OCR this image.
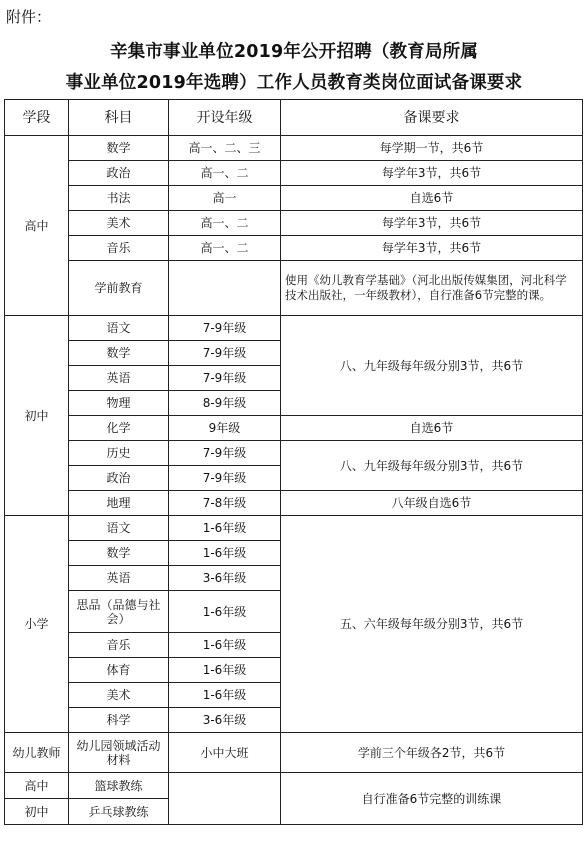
附件：
辛集市事业单位2019年公开招聘（教育局所属
事业单位2019年选聘）工作人员教育类岗位面试备课要求
学段	科目	开设年级	备课要求
高中	数学	高一、二、三	每学期一节，共6节
	政治	高一、二	每学年3节，共6节
	书法	高一	自选6节
	美术	高一、二	每学年3节，共6节
	音乐	高一、二	每学年3节，共6节
	学前教育		使用《幼儿教育学基础》（河北出版传媒集团，河北科学技术出版社，一年级教材），自行准备6节完整的课。
初中	语文	7-9年级	八、九年级每年级分别3节，共6节
	数学	7-9年级	
	英语	7-9年级	
	物理	8-9年级	
	化学	9年级	自选6节
	历史	7-9年级	八、九年级每年级分别3节，共6节
	政治	7-9年级	
	地理	7-8年级	八年级自选6节
小学	语文	1-6年级	五、六年级每年级分别3节，共6节
	数学	1-6年级	
	英语	3-6年级	
	思品（品德与社会）	1-6年级	
	音乐	1-6年级	
	体育	1-6年级	
	美术	1-6年级	
	科学	3-6年级	
幼儿教师	幼儿园领域活动材料	小中大班	学前三个年级各2节，共6节
高中	篮球教练		自行准备6节完整的训练课
初中	乒乓球教练		
